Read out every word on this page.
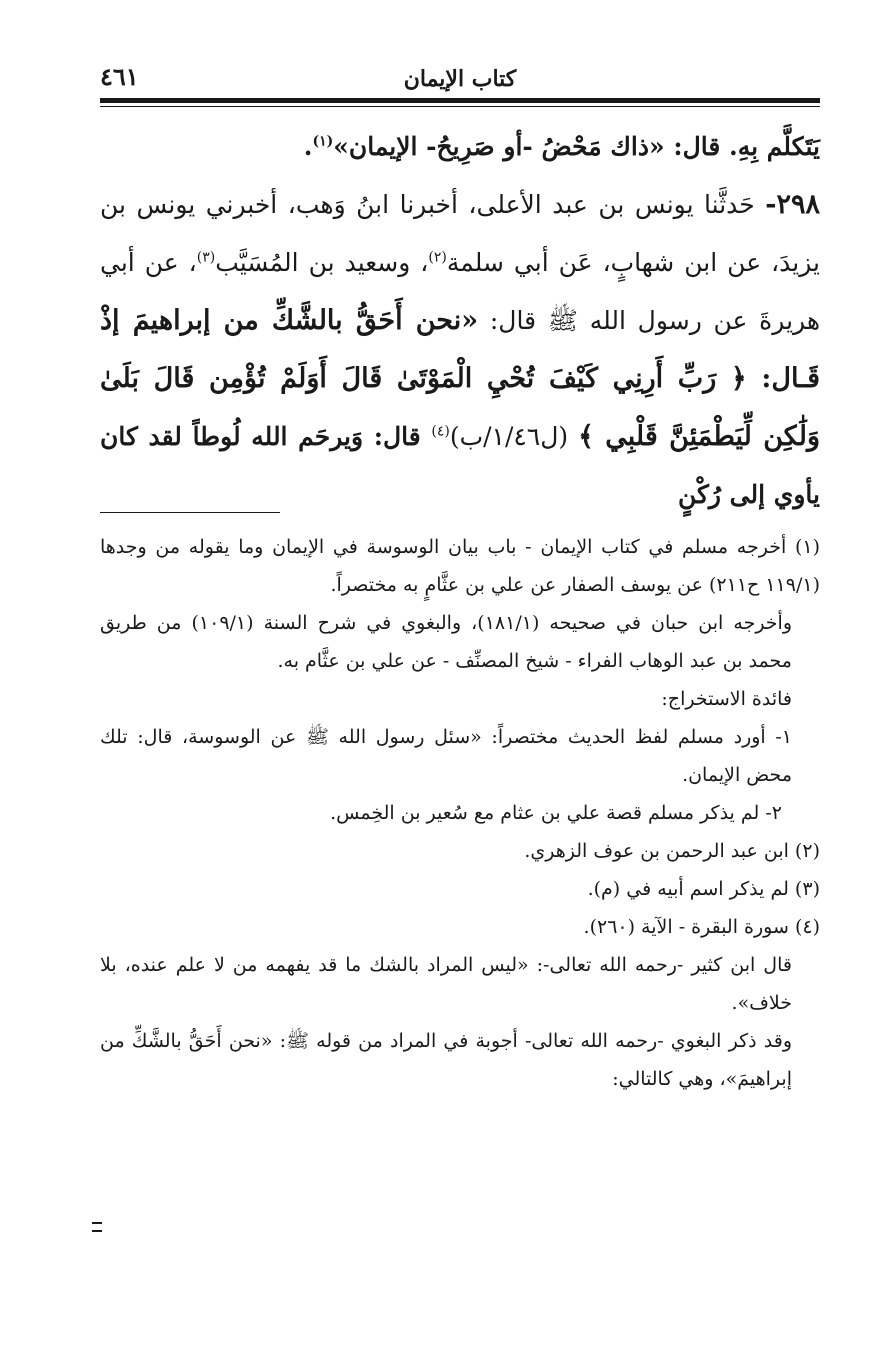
كتاب الإيمان
٤٦١

يَتَكلَّم بِهِ. قال: «ذاك مَحْضُ -أو صَرِيحُ- الإيمان»$^{(١)}$.

٢٩٨- حَدثَّنا يونس بن عبد الأعلى، أخبرنا ابنُ وَهب، أخبرني يونس بن يزيدَ، عن ابن شهابٍ، عَن أبي سلمة$^{(٢)}$، وسعيد بن المُسَيَّب$^{(٣)}$، عن أبي هريرةَ عن رسول الله ﷺ قال: «نحن أَحَقُّ بالشَّكِّ من إبراهيمَ إذْ قَـال: ﴿ رَبِّ أَرِنِي كَيْفَ تُحْيِ الْمَوْتَىٰ قَالَ أَوَلَمْ تُؤْمِن قَالَ بَلَىٰ وَلَٰكِن لِّيَطْمَئِنَّ قَلْبِي ﴾ (ل١/٤٦/ب)$^{(٤)}$ قال: وَيرحَم الله لُوطاً لقد كان يأوي إلى رُكْنٍ

(١) أخرجه مسلم في كتاب الإيمان - باب بيان الوسوسة في الإيمان وما يقوله من وجدها (١١٩/١ ح٢١١) عن يوسف الصفار عن علي بن عثَّامٍ به مختصراً.

وأخرجه ابن حبان في صحيحه (١٨١/١)، والبغوي في شرح السنة (١٠٩/١) من طريق محمد بن عبد الوهاب الفراء - شيخ المصنِّف - عن علي بن عثَّام به.

فائدة الاستخراج:

١- أورد مسلم لفظ الحديث مختصراً: «سئل رسول الله ﷺ عن الوسوسة، قال: تلك محض الإيمان.

٢- لم يذكر مسلم قصة علي بن عثام مع سُعير بن الخِمس.

(٢) ابن عبد الرحمن بن عوف الزهري.

(٣) لم يذكر اسم أبيه في (م).

(٤) سورة البقرة - الآية (٢٦٠).

قال ابن كثير -رحمه الله تعالى-: «ليس المراد بالشك ما قد يفهمه من لا علم عنده، بلا خلاف».

وقد ذكر البغوي -رحمه الله تعالى- أجوبة في المراد من قوله ﷺ: «نحن أَحَقُّ بالشَّكِّ من إبراهيمَ»، وهي كالتالي:
